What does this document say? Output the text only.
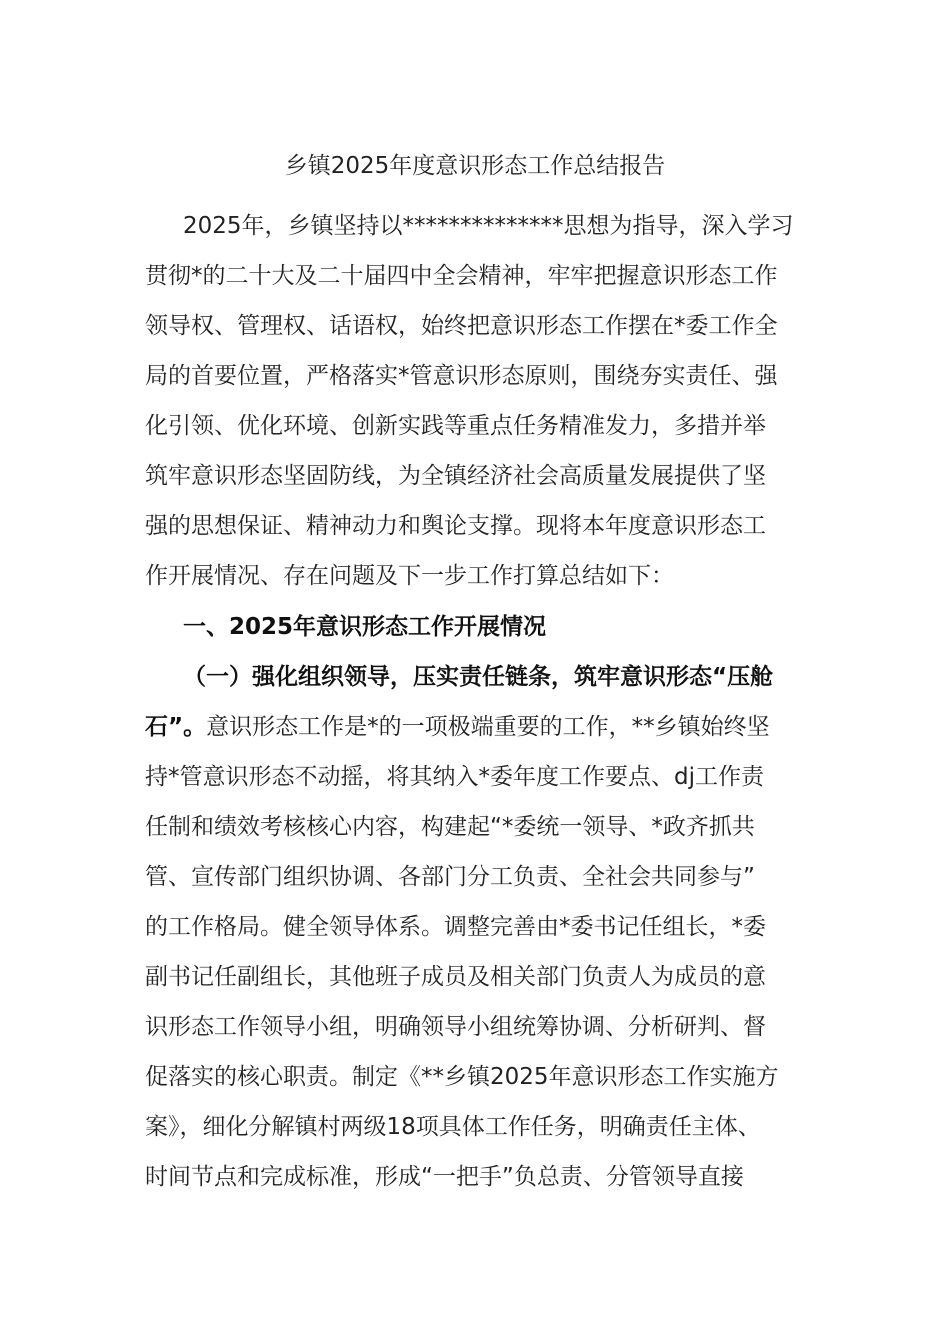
乡镇2025年度意识形态工作总结报告
2025年，乡镇坚持以**************思想为指导，深入学习
贯彻*的二十大及二十届四中全会精神，牢牢把握意识形态工作
领导权、管理权、话语权，始终把意识形态工作摆在*委工作全
局的首要位置，严格落实*管意识形态原则，围绕夯实责任、强
化引领、优化环境、创新实践等重点任务精准发力，多措并举
筑牢意识形态坚固防线，为全镇经济社会高质量发展提供了坚
强的思想保证、精神动力和舆论支撑。现将本年度意识形态工
作开展情况、存在问题及下一步工作打算总结如下：
一、2025年意识形态工作开展情况
（一）强化组织领导，压实责任链条，筑牢意识形态“压舱
石”。意识形态工作是*的一项极端重要的工作，**乡镇始终坚
持*管意识形态不动摇，将其纳入*委年度工作要点、dj工作责
任制和绩效考核核心内容，构建起“*委统一领导、*政齐抓共
管、宣传部门组织协调、各部门分工负责、全社会共同参与”
的工作格局。健全领导体系。调整完善由*委书记任组长，*委
副书记任副组长，其他班子成员及相关部门负责人为成员的意
识形态工作领导小组，明确领导小组统筹协调、分析研判、督
促落实的核心职责。制定《**乡镇2025年意识形态工作实施方
案》，细化分解镇村两级18项具体工作任务，明确责任主体、
时间节点和完成标准，形成“一把手”负总责、分管领导直接
